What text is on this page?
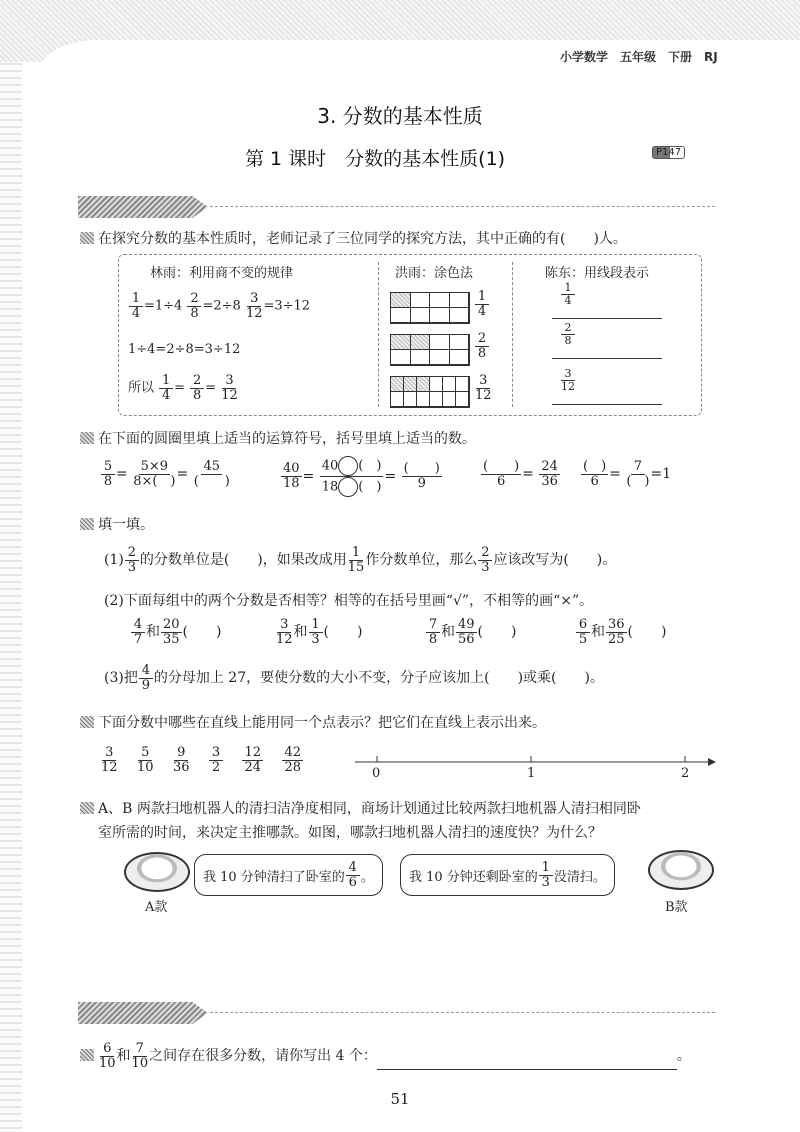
小学数学　五年级　下册　RJ
3. 分数的基本性质
第 1 课时　分数的基本性质(1)	P147
在探究分数的基本性质时，老师记录了三位同学的探究方法，其中正确的有(　　)人。
林雨：利用商不变的规律
$\frac{1}{4} =1\div 4 \frac{2}{8} =2\div 8 \frac{3}{12} =3\div 12$
1÷4=2÷8=3÷12
所以 $\frac{1}{4} = \frac{2}{8} = \frac{3}{12}$
洪雨：涂色法
$\frac{1}{4}$
$\frac{2}{8}$
$\frac{3}{12}$
陈东：用线段表示
$\frac{1}{4}$
$\frac{2}{8}$
$\frac{3}{12}$
在下面的圆圈里填上适当的运算符号，括号里填上适当的数。
$\frac{5}{8} = \frac{5\times 9}{8\times( )} = 45$
(　　)	$\frac{40}{18} = \frac{40 ( )}{18 ( )}$ = (　　)
9
(　　)
$6 = \frac{24}{36}$ (　)
6 = 7
(　) =1
填一填。
$(1) \frac{2}{3}$ 的分数单位是(　　)，如果改成用 $\frac{1}{15}$ 作分数单位，那么 $\frac{2}{3}$ 应该改写为(　　)。
(2)下面每组中的两个分数是否相等？相等的在括号里画“√”，不相等的画“×”。
$\frac{4}{7}$ 和 $\frac{20}{35}$ (　　)	$\frac{3}{12}$ 和 $\frac{1}{3}$ (　　)	$\frac{7}{8}$ 和 $\frac{49}{56}$ (　　)	$\frac{6}{5}$ 和 $\frac{36}{25}$ (　　)
(3)把 $\frac{4}{9}$ 的分母加上 27，要使分数的大小不变，分子应该加上(　　)或乘(　　)。
下面分数中哪些在直线上能用同一个点表示？把它们在直线上表示出来。
$\frac{3}{12}$
$\frac{5}{10}$
$\frac{9}{36}$
$\frac{3}{2}$
$\frac{12}{24}$
$\frac{42}{28}$	0	1	2
A、B 两款扫地机器人的清扫洁净度相同，商场计划通过比较两款扫地机器人清扫相同卧
室所需的时间，来决定主推哪款。如图，哪款扫地机器人清扫的速度快？为什么？
A款
我 10 分钟清扫了卧室的
4
6 。	我 10 分钟还剩卧室的
1
3 没清扫。
B款
$\frac{6}{10}$ 和 $\frac{7}{10}$ 之间存在很多分数，请你写出 4 个：	。
51
